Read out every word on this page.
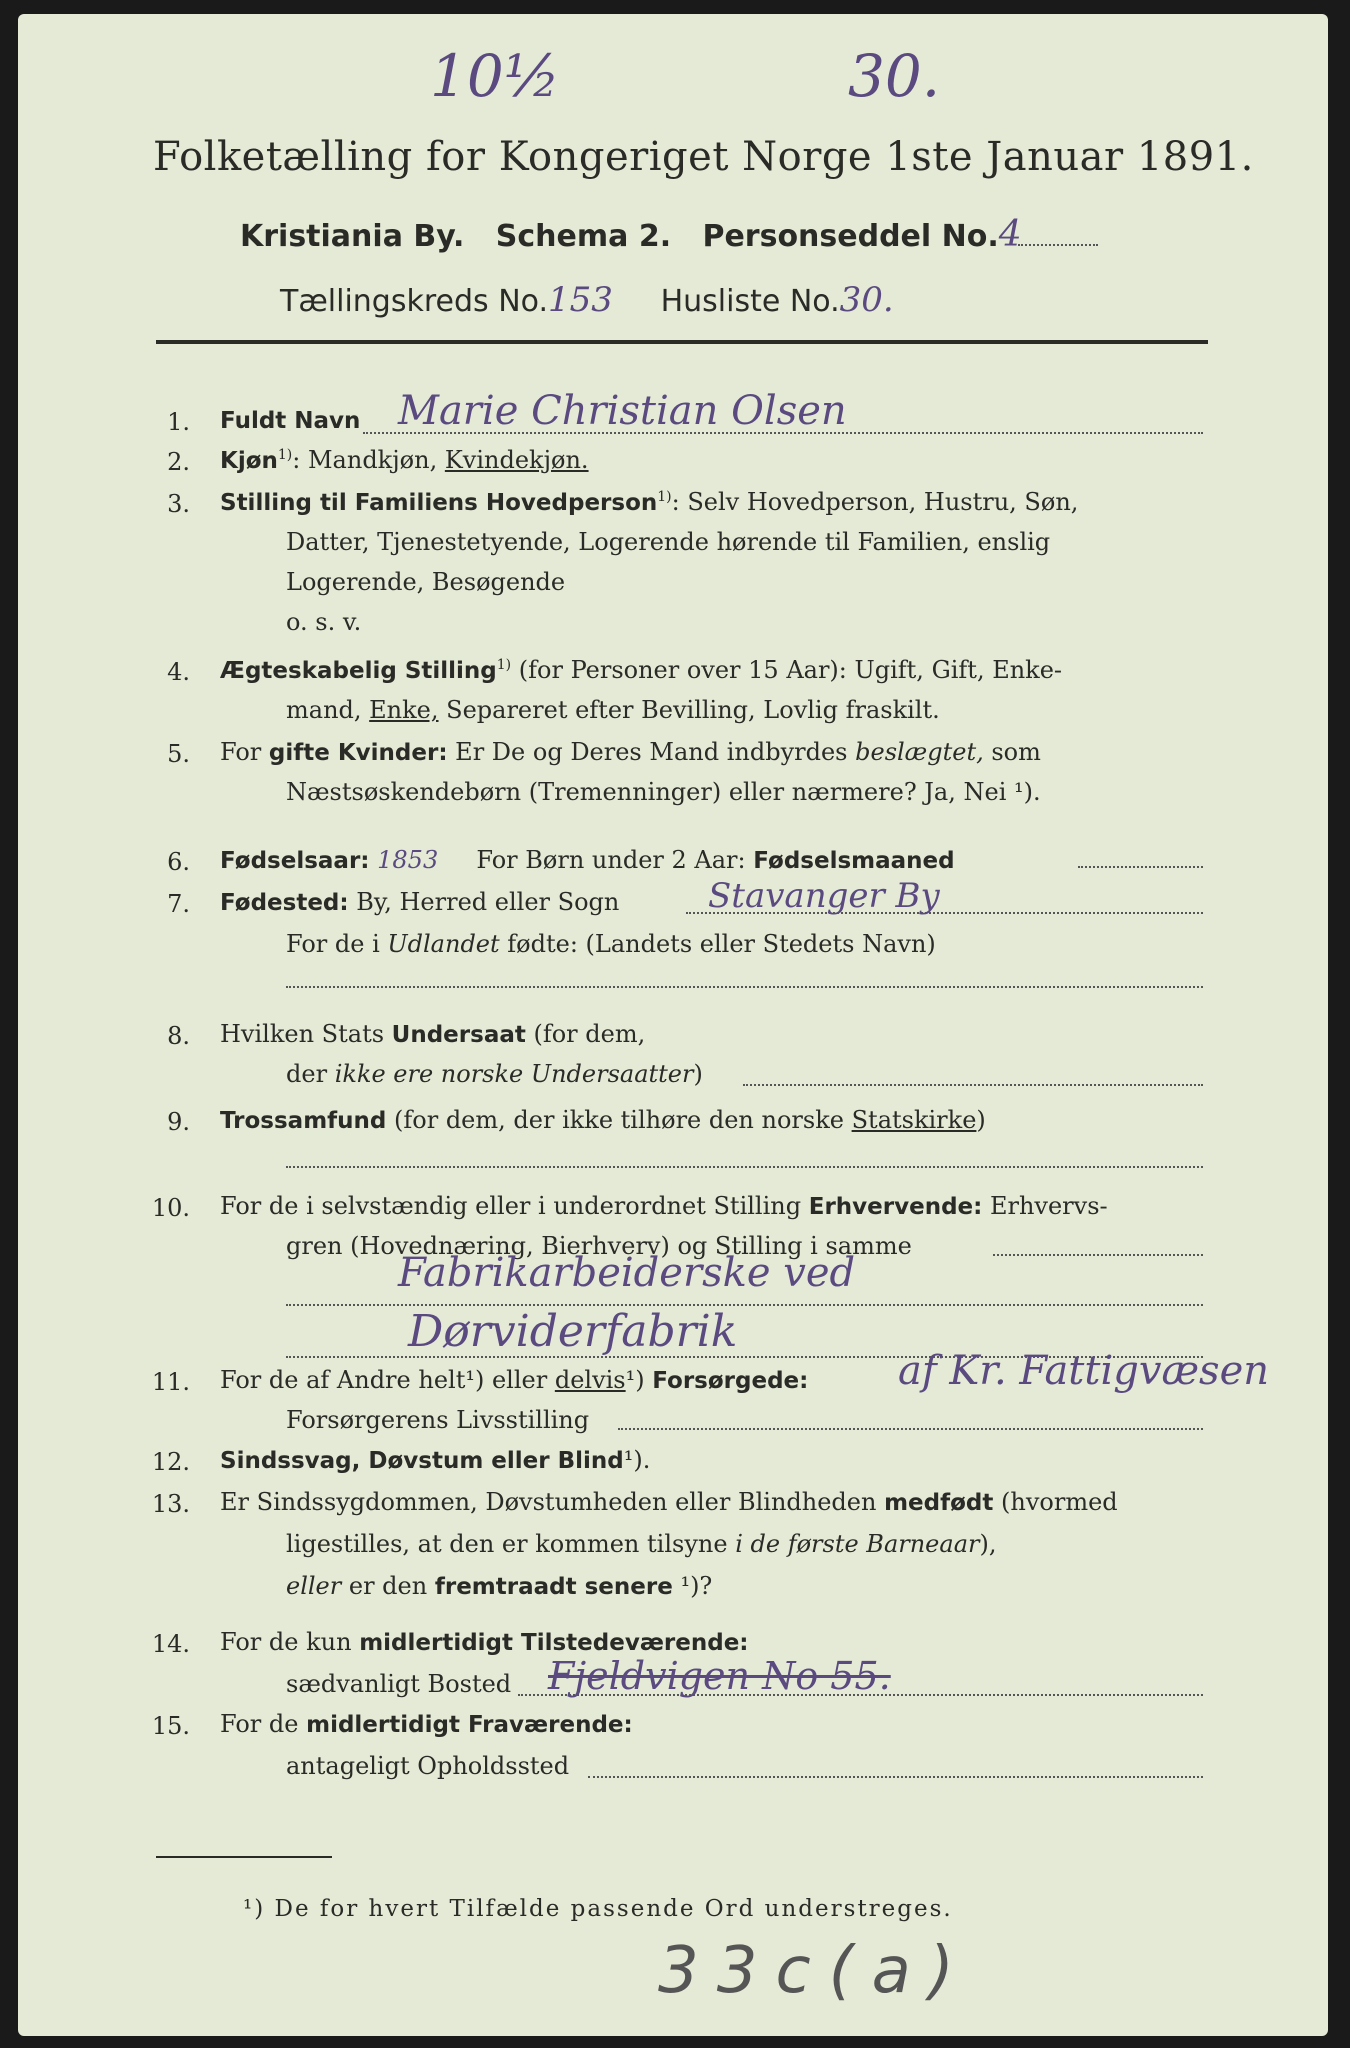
10½	30.
Folketælling for Kongeriget Norge 1ste Januar 1891.
Kristiania By. Schema 2. Personseddel No.4
Tællingskreds No.153 Husliste No.30.
1. Fuldt Navn Marie Christian Olsen
2. Kjøn$^{1)}$: Mandkjøn, Kvindekjøn.
3. Stilling til Familiens Hovedperson$^{1)}$: Selv Hovedperson, Hustru, Søn,
Datter, Tjenestetyende, Logerende hørende til Familien, enslig
Logerende, Besøgende
o. s. v.
4. Ægteskabelig Stilling$^{1)}$ (for Personer over 15 Aar): Ugift, Gift, Enke-
mand, Enke, Separeret efter Bevilling, Lovlig fraskilt.
5. For gifte Kvinder: Er De og Deres Mand indbyrdes beslægtet, som
Næstsøskendebørn (Tremenninger) eller nærmere? Ja, Nei ¹).
6. Fødselsaar: 1853 For Børn under 2 Aar: Fødselsmaaned
7. Fødested: By, Herred eller Sogn	Stavanger By
For de i Udlandet fødte: (Landets eller Stedets Navn)
8. Hvilken Stats Undersaat (for dem,
der ikke ere norske Undersaatter)
9. Trossamfund (for dem, der ikke tilhøre den norske Statskirke)
10. For de i selvstændig eller i underordnet Stilling Erhvervende: Erhvervs-
gren (Hovednæring, Bierhverv) og Stilling i samme
Fabrikarbeiderske ved
Dørviderfabrik
11. For de af Andre helt¹) eller delvis¹) Forsørgede: af Kr. Fattigvæsen
Forsørgerens Livsstilling
12. Sindssvag, Døvstum eller Blind¹).
13. Er Sindssygdommen, Døvstumheden eller Blindheden medfødt (hvormed
ligestilles, at den er kommen tilsyne i de første Barneaar),
eller er den fremtraadt senere ¹)?
14. For de kun midlertidigt Tilstedeværende:
sædvanligt Bosted Fjeldvigen No 55.
15. For de midlertidigt Fraværende:
antageligt Opholdssted
¹) De for hvert Tilfælde passende Ord understreges.
33c(a)
